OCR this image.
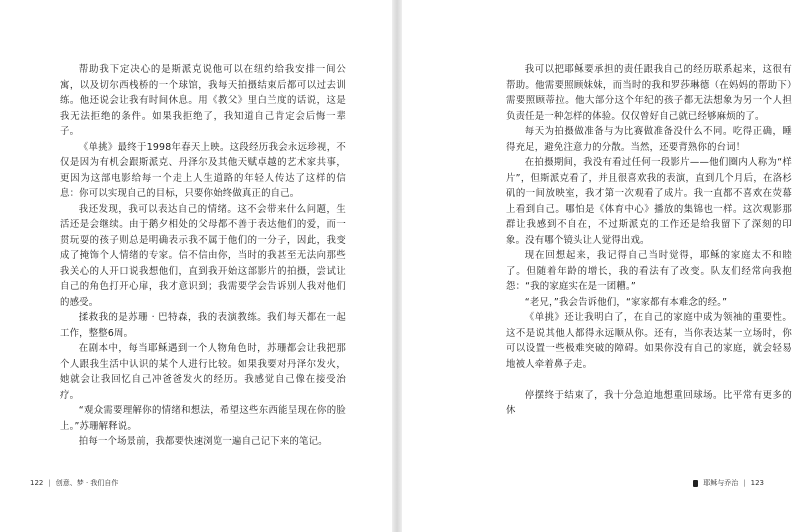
帮助我下定决心的是斯派克说他可以在纽约给我安排一间公寓，以及切尔西栈桥的一个球馆，我每天拍摄结束后都可以过去训练。他还说会让我有时间休息。用《教父》里白兰度的话说，这是我无法拒绝的条件。如果我拒绝了，我知道自己肯定会后悔一辈子。

《单挑》最终于1998年春天上映。这段经历我会永远珍视，不仅是因为有机会跟斯派克、丹泽尔及其他天赋卓越的艺术家共事，更因为这部电影给每一个走上人生道路的年轻人传达了这样的信息：你可以实现自己的目标，只要你始终做真正的自己。

我还发现，我可以表达自己的情绪。这不会带来什么问题，生活还是会继续。由于鹅夕相处的父母都不善于表达他们的爱，而一贯玩耍的孩子则总是明确表示我不属于他们的一分子，因此，我变成了掩饰个人情绪的专家。信不信由你，当时的我甚至无法向那些我关心的人开口说我想他们，直到我开始这部影片的拍摄，尝试让自己的角色打开心扉，我才意识到；我需要学会告诉别人我对他们的感受。

揉救我的是苏珊 · 巴特森，我的表演教练。我们每天都在一起工作，整整6周。

在剧本中，每当耶稣遇到一个人物角色时，苏珊都会让我把那个人跟我生活中认识的某个人进行比较。如果我要对丹泽尔发火，她就会让我回忆自己冲爸爸发火的经历。我感觉自己像在接受治疗。

“观众需要理解你的情绪和想法，希望这些东西能呈现在你的脸上。”苏珊解释说。

拍每一个场景前，我都要快速浏览一遍自己记下来的笔记。

122 | 创意、梦 · 我们自作

我可以把耶稣要承担的责任跟我自己的经历联系起来，这很有帮助。他需要照顾妹妹，而当时的我和罗莎琳德（在妈妈的帮助下）需要照顾蒂拉。他大部分这个年纪的孩子都无法想象为另一个人担负责任是一种怎样的体验。仅仅曾好自己就已经够麻烦的了。

每天为拍摄做准备与为比赛做准备没什么不同。吃得正确，睡得充足，避免注意力的分散。当然，还要背熟你的台词！

在拍摄期间，我没有看过任何一段影片——他们圈内人称为“样片”，但斯派克看了，并且很喜欢我的表演，直到几个月后，在洛杉矶的一间放映室，我才第一次观看了成片。我一直都不喜欢在荧幕上看到自己。哪怕是《体育中心》播放的集锦也一样。这次观影那群让我感到不自在，不过斯派克的工作还是给我留下了深刻的印象。没有哪个镜头让人觉得出戏。

现在回想起来，我记得自己当时觉得，耶稣的家庭太不和睦了。但随着年龄的增长，我的看法有了改变。队友们经常向我抱怨：“我的家庭实在是一团糟。”

“老兄，”我会告诉他们，“家家都有本难念的经。”

《单挑》还让我明白了，在自己的家庭中成为领袖的重要性。这不是说其他人都得永远顺从你。还有，当你表达某一立场时，你可以设置一些极难突破的障碍。如果你没有自己的家庭，就会轻易地被人牵着鼻子走。

停摆终于结束了，我十分急迫地想重回球场。比平常有更多的休

耶稣与乔治 | 123
